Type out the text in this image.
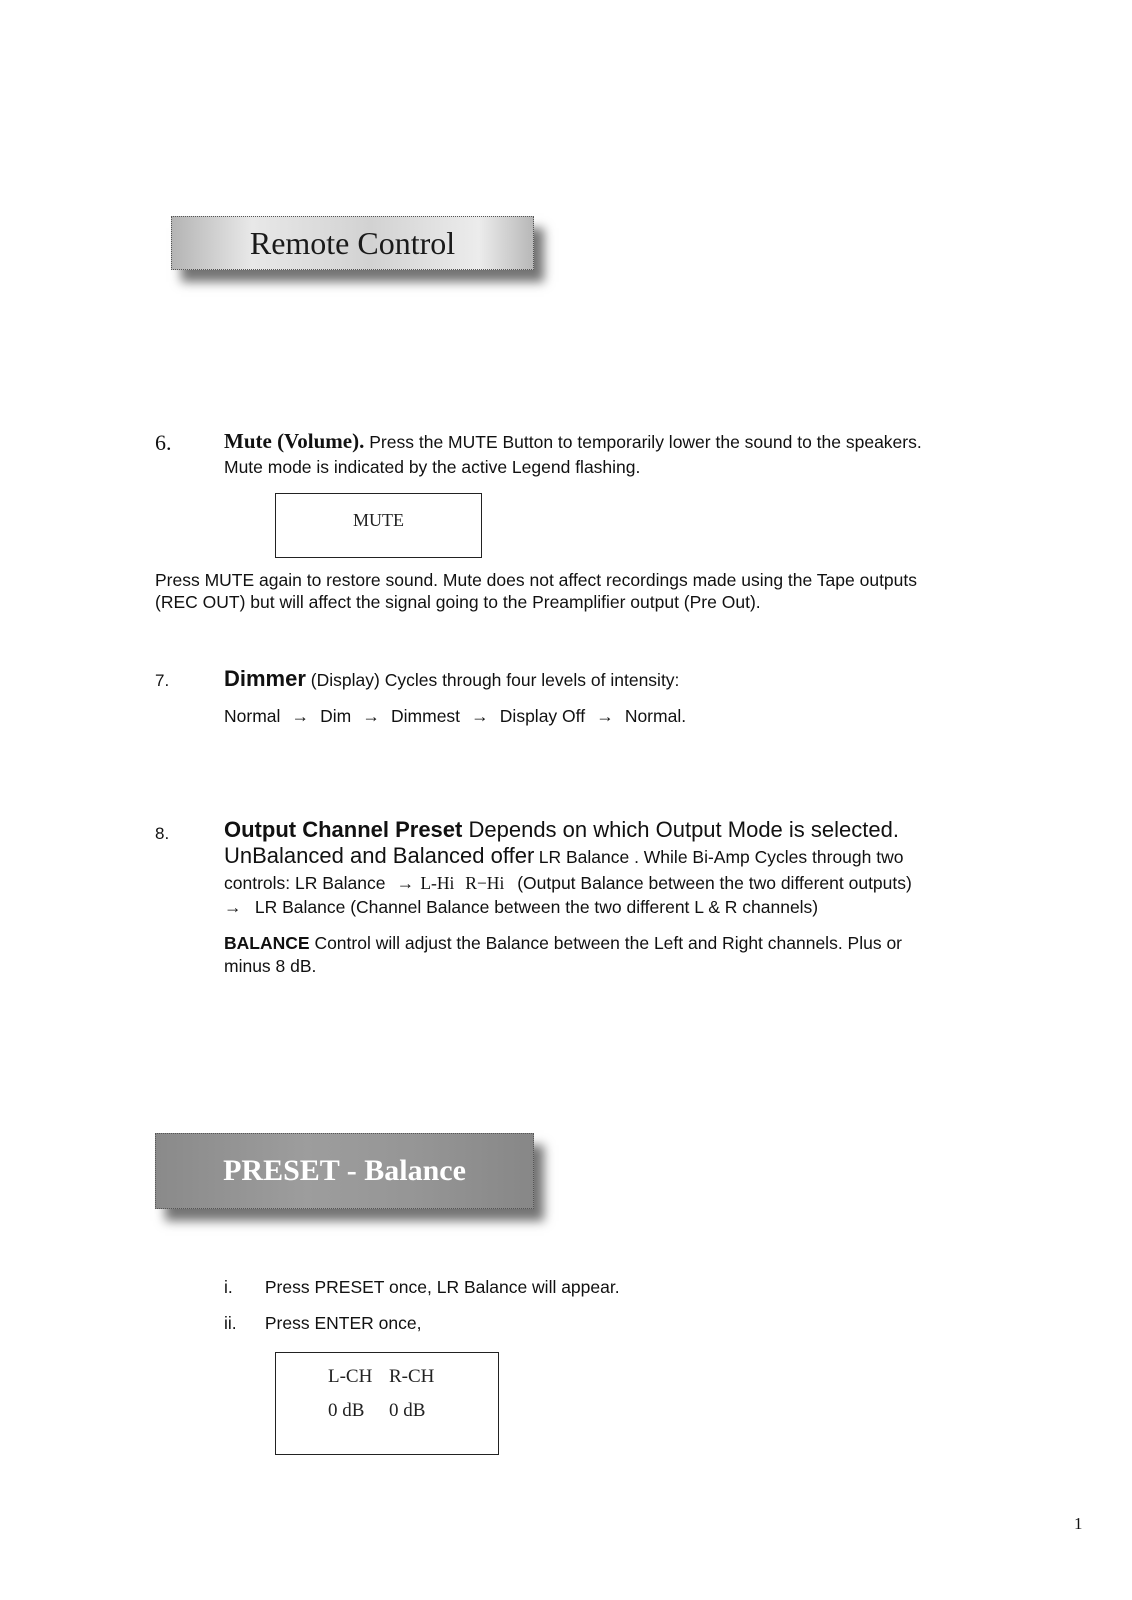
Remote Control
6.	Mute (Volume). Press the MUTE Button to temporarily lower the sound to the speakers.
Mute mode is indicated by the active Legend flashing.
MUTE
Press MUTE again to restore sound. Mute does not affect recordings made using the Tape outputs
(REC OUT) but will affect the signal going to the Preamplifier output (Pre Out).
7. Dimmer (Display) Cycles through four levels of intensity:
Normal → Dim → Dimmest → Display Off → Normal.
8. Output Channel Preset Depends on which Output Mode is selected.
UnBalanced and Balanced offer LR Balance . While Bi-Amp Cycles through two
controls: LR Balance → L-Hi R−Hi (Output Balance between the two different outputs)
→ LR Balance (Channel Balance between the two different L & R channels)
BALANCE Control will adjust the Balance between the Left and Right channels. Plus or
minus 8 dB.
PRESET - Balance
i. Press PRESET once, LR Balance will appear.
ii. Press ENTER once,
L-CH R-CH
0 dB 0 dB
1
